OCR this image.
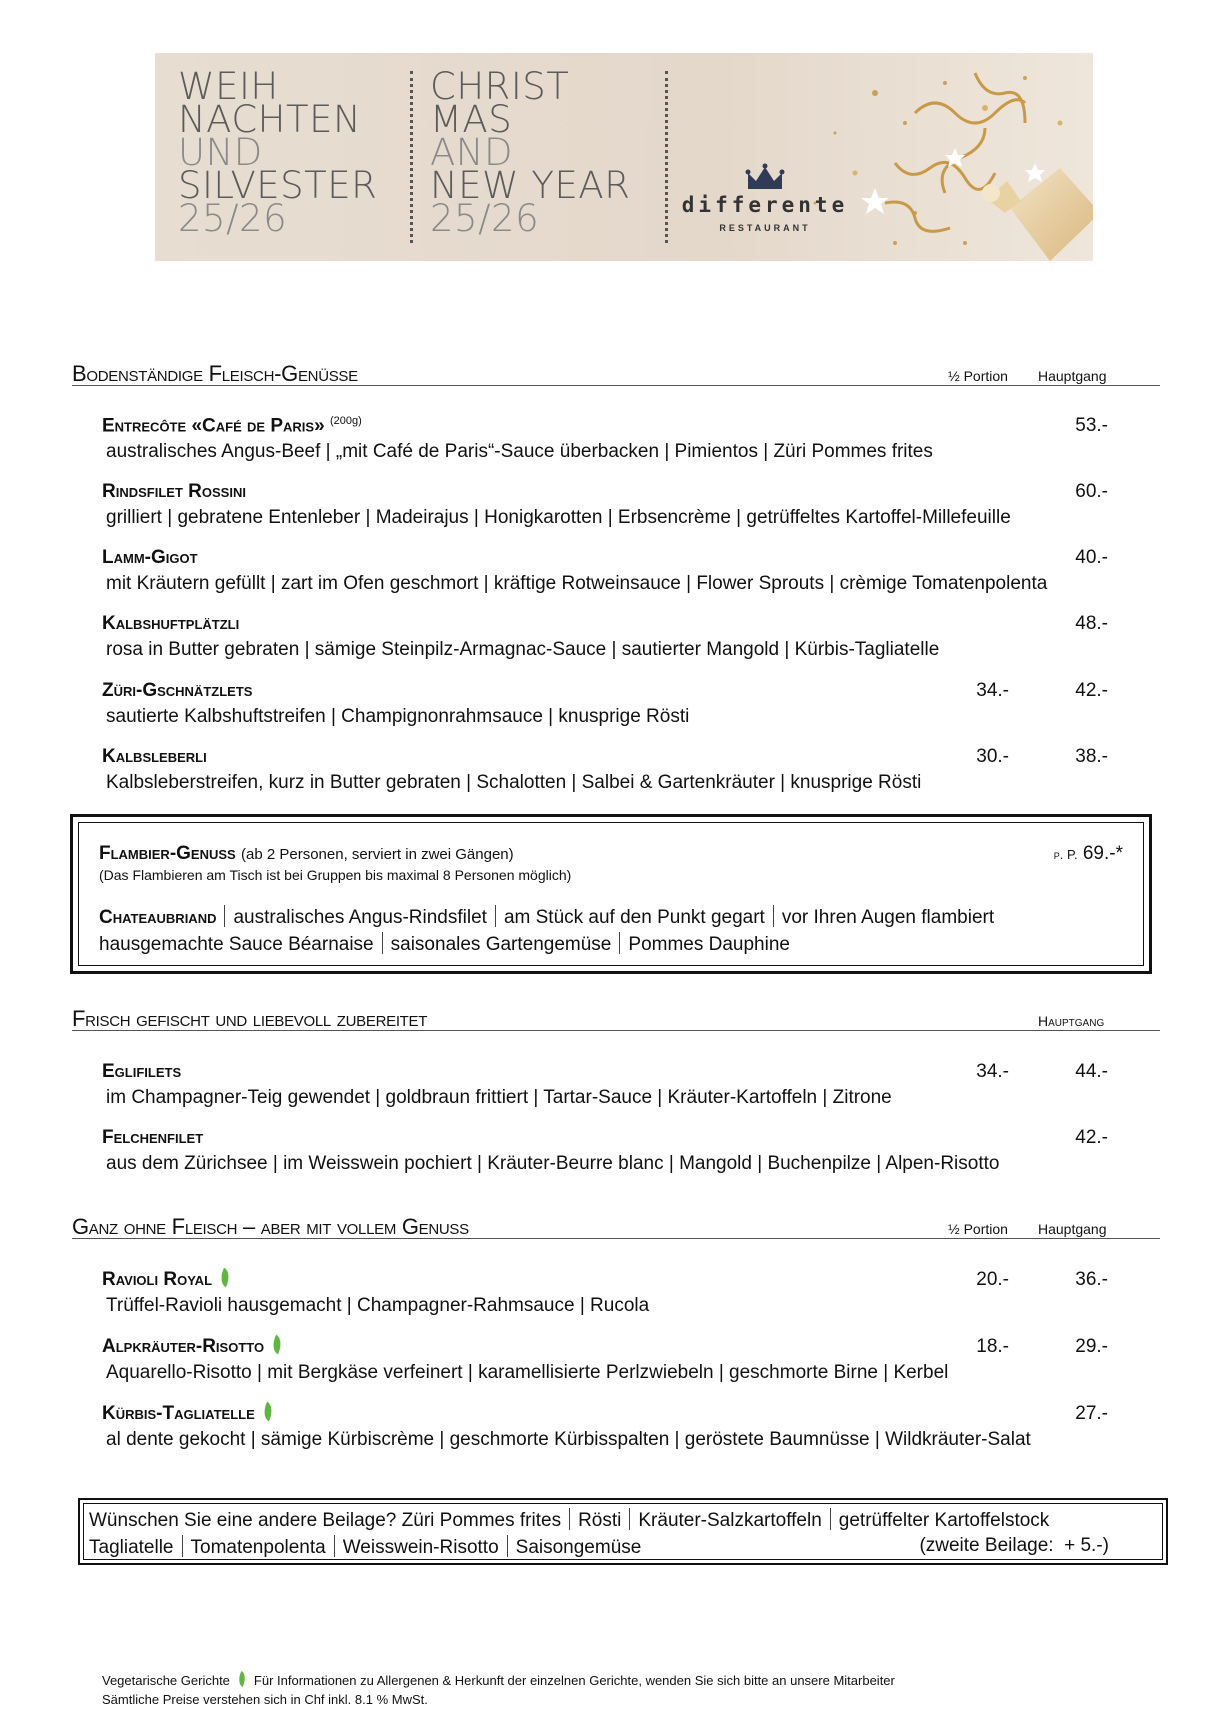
WEIH
NACHTEN
UND
SILVESTER
25/26
CHRIST
MAS
AND
NEW YEAR
25/26	differente
RESTAURANT
Bodenständige Fleisch-Genüsse	½ Portion Hauptgang
Entrecôte «Café de Paris» $^{(200g)}$	53.-
australisches Angus-Beef | „mit Café de Paris“-Sauce überbacken | Pimientos | Züri Pommes frites
Rindsfilet Rossini	60.-
grilliert | gebratene Entenleber | Madeirajus | Honigkarotten | Erbsencrème | getrüffeltes Kartoffel-Millefeuille
Lamm-Gigot	40.-
mit Kräutern gefüllt | zart im Ofen geschmort | kräftige Rotweinsauce | Flower Sprouts | crèmige Tomatenpolenta
Kalbshuftplätzli	48.-
rosa in Butter gebraten | sämige Steinpilz-Armagnac-Sauce | sautierter Mangold | Kürbis-Tagliatelle
Züri-Gschnätzlets	34.-	42.-
sautierte Kalbshuftstreifen | Champignonrahmsauce | knusprige Rösti
Kalbsleberli	30.-	38.-
Kalbsleberstreifen, kurz in Butter gebraten | Schalotten | Salbei & Gartenkräuter | knusprige Rösti
Flambier-Genuss (ab 2 Personen, serviert in zwei Gängen)
(Das Flambieren am Tisch ist bei Gruppen bis maximal 8 Personen möglich)
p. P. 69.-*
Chateaubriand australisches Angus-Rindsfilet am Stück auf den Punkt gegart vor Ihren Augen flambiert
hausgemachte Sauce Béarnaise saisonales Gartengemüse Pommes Dauphine
Frisch gefischt und liebevoll zubereitet	Hauptgang
Eglifilets	34.-	44.-
im Champagner-Teig gewendet | goldbraun frittiert | Tartar-Sauce | Kräuter-Kartoffeln | Zitrone
Felchenfilet	42.-
aus dem Zürichsee | im Weisswein pochiert | Kräuter-Beurre blanc | Mangold | Buchenpilze | Alpen-Risotto
Ganz ohne Fleisch – aber mit vollem Genuss	½ Portion Hauptgang
Ravioli Royal	20.-	36.-
Trüffel-Ravioli hausgemacht | Champagner-Rahmsauce | Rucola
Alpkräuter-Risotto	18.-	29.-
Aquarello-Risotto | mit Bergkäse verfeinert | karamellisierte Perlzwiebeln | geschmorte Birne | Kerbel
Kürbis-Tagliatelle	27.-
al dente gekocht | sämige Kürbiscrème | geschmorte Kürbisspalten | geröstete Baumnüsse | Wildkräuter-Salat
Wünschen Sie eine andere Beilage? Züri Pommes frites Rösti Kräuter-Salzkartoffeln getrüffelter Kartoffelstock
Tagliatelle Tomatenpolenta Weisswein-Risotto Saisongemüse	(zweite Beilage:  + 5.-)
Vegetarische Gerichte Für Informationen zu Allergenen & Herkunft der einzelnen Gerichte, wenden Sie sich bitte an unsere Mitarbeiter
Sämtliche Preise verstehen sich in Chf inkl. 8.1 % MwSt.
